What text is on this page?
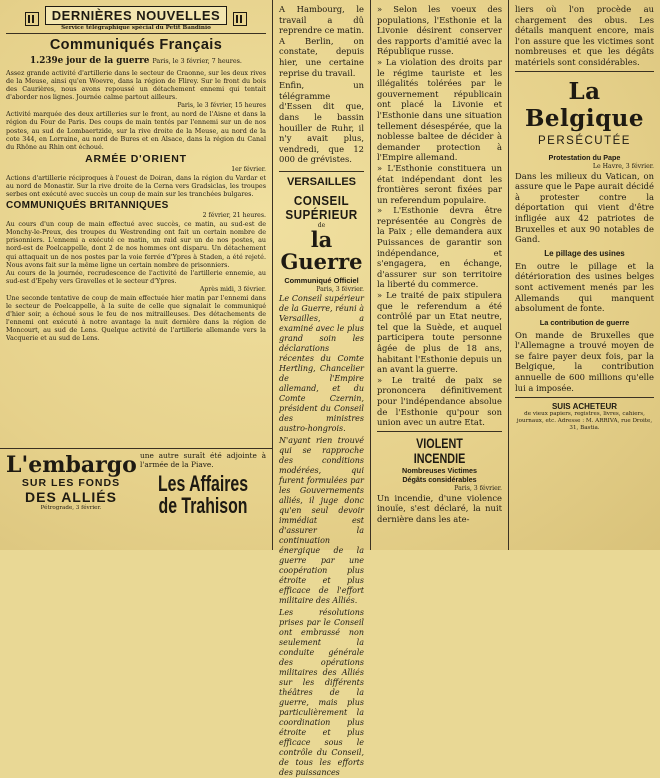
DERNIÈRES NOUVELLES
Service télégraphique spécial du Petit Bandinio
Communiqués Français
1.239e jour de la guerre Paris, le 3 février, 7 heures.

Assez grande activité d'artillerie dans le secteur de Craonne, sur les deux rives de la Meuse, ainsi qu'en Woevre, dans la région de Flirey. Sur le front du bois des Caurières, nous avons repoussé un détachement ennemi qui tentait d'aborder nos lignes. Journée calme partout ailleurs.

Paris, le 3 février, 15 heures

Activité marquée des deux artilleries sur le front, au nord de l'Aisne et dans la région du Four de Paris. Des coups de main tentés par l'ennemi sur un de nos postes, au sud de Lombaertzide, sur la rive droite de la Meuse, au nord de la cote 344, en Lorraine, au nord de Bures et en Alsace, dans la région du Canal du Rhône au Rhin ont échoué.

ARMÉE D'ORIENT
1er février.

Actions d'artillerie réciproques à l'ouest de Doiran, dans la région du Vardar et au nord de Monastir. Sur la rive droite de la Cerna vers Gradsiclas, les troupes serbes ont exécuté avec succès un coup de main sur les tranchées bulgares.

COMMUNIQUÉS BRITANNIQUES
2 février, 21 heures.

Au cours d'un coup de main effectué avec succès, ce matin, au sud-est de Monchy-le-Preux, des troupes du Westrending ont fait un certain nombre de prisonniers. L'ennemi a exécuté ce matin, un raid sur un de nos postes, au nord-est de Poelcappelle, dont 2 de nos hommes ont disparu. Un détachement qui attaquait un de nos postes par la voie ferrée d'Ypres à Staden, a été rejeté. Nous avons fait sur la même ligne un certain nombre de prisonniers.

Au cours de la journée, recrudescence de l'activité de l'artillerie ennemie, au sud-est d'Epehy vers Gravelles et le secteur d'Ypres.

Après midi, 3 février.

Une seconde tentative de coup de main effectuée hier matin par l'ennemi dans le secteur de Poelcappelle, à la suite de celle que signalait le communiqué d'hier soir, a échoué sous le feu de nos mitrailleuses. Des détachements de l'ennemi ont exécuté à notre avantage la nuit dernière dans la région de Moncourt, au sud de Lens. Quelque activité de l'artillerie allemande vers la Vacquerie et au sud de Lens.

L'embargo
SUR LES FONDS
DES ALLIÉS
Pétrograde, 3 février.

une autre suraît été adjointe à l'armée de la Piave.

Les Affaires de Trahison

A Hambourg, le travail a dû reprendre ce matin. A Berlin, on constate, depuis hier, une certaine reprise du travail.

Enfin, un télégramme d'Essen dit que, dans le bassin houiller de Ruhr, il n'y avait plus, vendredi, que 12 000 de grévistes.

VERSAILLES
CONSEIL SUPÉRIEUR
de
la Guerre
Communiqué Officiel
Paris, 3 février.

Le Conseil supérieur de la Guerre, réuni à Versailles, a examiné avec le plus grand soin les déclarations récentes du Comte Hertling, Chancelier de l'Empire allemand, et du Comte Czernin, président du Conseil des ministres austro-hongrois.

N'ayant rien trouvé qui se rapproche des conditions modérées, qui furent formulées par les Gouvernements alliés, il juge donc qu'en seul devoir immédiat est d'assurer la continuation énergique de la guerre par une coopération plus étroite et plus efficace de l'effort militaire des Alliés.

Les résolutions prises par le Conseil ont embrassé non seulement la conduite générale des opérations militaires des Alliés sur les différents théâtres de la guerre, mais plus particulièrement la coordination plus étroite et plus efficace sous le contrôle du Conseil, de tous les efforts des puissances

» Selon les voeux des populations, l'Esthonie et la Livonie désirent conserver des rapports d'amitié avec la République russe.

» La violation des droits par le régime tauriste et les illégalités tolérées par le gouvernement républicain ont placé la Livonie et l'Esthonie dans une situation tellement désespérée, que la noblesse baltee de décider à demander protection à l'Empire allemand.

» L'Esthonie constituera un état indépendant dont les frontières seront fixées par un referendum populaire.

» L'Esthonie devra être représentée au Congrès de la Paix ; elle demandera aux Puissances de garantir son indépendance, et s'engagera, en échange, d'assurer sur son territoire la liberté du commerce.

» Le traité de paix stipulera que le referendum a été contrôlé par un Etat neutre, tel que la Suède, et auquel participera toute personne âgée de plus de 18 ans, habitant l'Esthonie depuis un an avant la guerre.

» Le traité de paix se prononcera définitivement pour l'indépendance absolue de l'Esthonie qu'pour son union avec un autre Etat.

VIOLENT INCENDIE
Nombreuses Victimes
Dégâts considérables
Paris, 3 février.

Un incendie, d'une violence inouïe, s'est déclaré, la nuit dernière dans les ate-

liers où l'on procède au chargement des obus. Les détails manquent encore, mais l'on assure que les victimes sont nombreuses et que les dégâts matériels sont considérables.

La Belgique
PERSÉCUTÉE
Protestation du Pape
Le Havre, 3 février.

Dans les milieux du Vatican, on assure que le Pape aurait décidé à protester contre la déportation qui vient d'être infligée aux 42 patriotes de Bruxelles et aux 90 notables de Gand.

Le pillage des usines

En outre le pillage et la détérioration des usines belges sont activement menés par les Allemands qui manquent absolument de fonte.

La contribution de guerre

On mande de Bruxelles que l'Allemagne a trouvé moyen de se faire payer deux fois, par la Belgique, la contribution annuelle de 600 millions qu'elle lui a imposée.

SUIS ACHETEUR

de vieux papiers, registres, livres, cahiers, journaux, etc. Adresse : M. ARRIVA, rue Droite, 31, Bastia.
